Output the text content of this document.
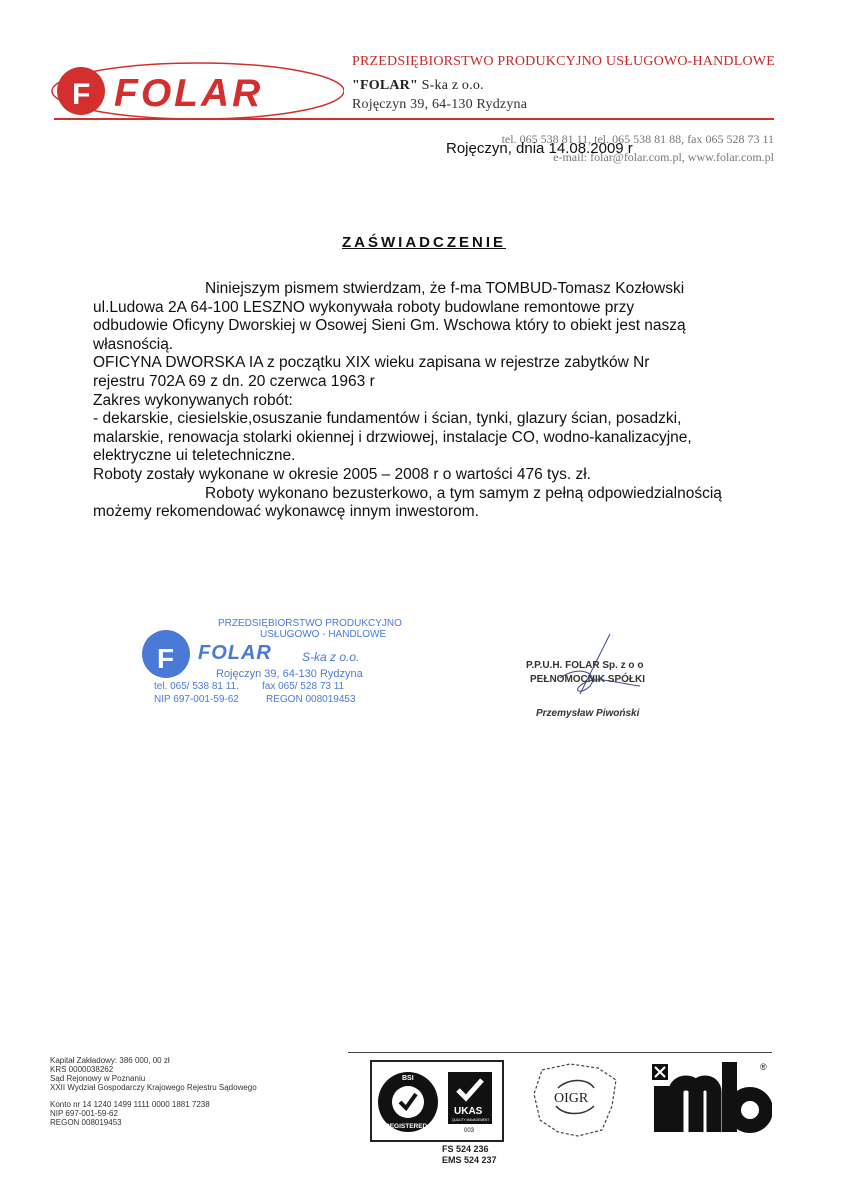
F FOLAR
PRZEDSIĘBIORSTWO PRODUKCYJNO USŁUGOWO-HANDLOWE
"FOLAR" S-ka z o.o.
Rojęczyn 39, 64-130 Rydzyna
tel. 065 538 81 11, tel. 065 538 81 88, fax 065 528 73 11
e-mail: folar@folar.com.pl, www.folar.com.pl
Rojęczyn, dnia 14.08.2009 r
ZAŚWIADCZENIE

Niniejszym pismem stwierdzam, że f-ma TOMBUD-Tomasz Kozłowski

ul.Ludowa 2A 64-100 LESZNO wykonywała roboty budowlane remontowe przy

odbudowie Oficyny Dworskiej w Osowej Sieni Gm. Wschowa który to obiekt jest naszą

własnością.

OFICYNA DWORSKA IA z początku XIX wieku zapisana w rejestrze zabytków Nr

rejestru 702A 69 z dn. 20 czerwca 1963 r

Zakres wykonywanych robót:

- dekarskie, ciesielskie,osuszanie fundamentów i ścian, tynki, glazury ścian, posadzki,

malarskie, renowacja stolarki okiennej i drzwiowej, instalacje CO, wodno-kanalizacyjne,

elektryczne ui teletechniczne.

Roboty zostały wykonane w okresie 2005 – 2008 r o wartości 476 tys. zł.

Roboty wykonano bezusterkowo, a tym samym z pełną odpowiedzialnością

możemy rekomendować wykonawcę innym inwestorom.

F
PRZEDSIĘBIORSTWO PRODUKCYJNO
USŁUGOWO - HANDLOWE
FOLAR	S-ka z o.o.
Rojęczyn 39, 64-130 Rydzyna
tel. 065/ 538 81 11. fax 065/ 528 73 11
NIP 697-001-59-62	REGON 008019453
P.P.U.H. FOLAR Sp. z o o
PEŁNOMOCNIK SPÓŁKI
Przemysław Piwoński

Kapitał Zakładowy: 386 000, 00 zł

KRS 0000038262

Sąd Rejonowy w Poznaniu

XXII Wydział Gospodarczy Krajowego Rejestru Sądowego

Konto nr 14 1240 1499 1111 0000 1881 7238

NIP 697-001-59-62

REGON 008019453

BSI
REGISTERED
UKAS
QUALITY MANAGEMENT
003
FS 524 236
EMS 524 237
OIGR
®
IMB
